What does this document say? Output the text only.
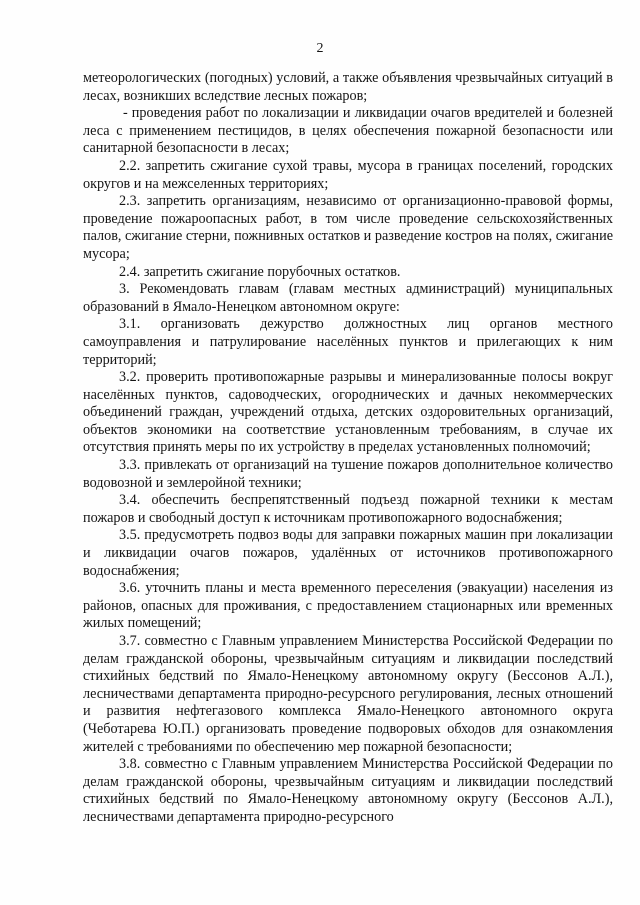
2

метеорологических (погодных) условий, а также объявления чрезвычайных ситуаций в лесах, возникших вследствие лесных пожаров;

- проведения работ по локализации и ликвидации очагов вредителей и болезней леса с применением пестицидов, в целях обеспечения пожарной безопасности или санитарной безопасности в лесах;

2.2. запретить сжигание сухой травы, мусора в границах поселений, городских округов и на межселенных территориях;

2.3. запретить организациям, независимо от организационно-правовой формы, проведение пожароопасных работ, в том числе проведение сельскохозяйственных палов, сжигание стерни, пожнивных остатков и разведение костров на полях, сжигание мусора;

2.4. запретить сжигание порубочных остатков.

3. Рекомендовать главам (главам местных администраций) муниципальных образований в Ямало-Ненецком автономном округе:

3.1. организовать дежурство должностных лиц органов местного самоуправления и патрулирование населённых пунктов и прилегающих к ним территорий;

3.2. проверить противопожарные разрывы и минерализованные полосы вокруг населённых пунктов, садоводческих, огороднических и дачных некоммерческих объединений граждан, учреждений отдыха, детских оздоровительных организаций, объектов экономики на соответствие установленным требованиям, в случае их отсутствия принять меры по их устройству в пределах установленных полномочий;

3.3. привлекать от организаций на тушение пожаров дополнительное количество водовозной и землеройной техники;

3.4. обеспечить беспрепятственный подъезд пожарной техники к местам пожаров и свободный доступ к источникам противопожарного водоснабжения;

3.5. предусмотреть подвоз воды для заправки пожарных машин при локализации и ликвидации очагов пожаров, удалённых от источников противопожарного водоснабжения;

3.6. уточнить планы и места временного переселения (эвакуации) населения из районов, опасных для проживания, с предоставлением стационарных или временных жилых помещений;

3.7. совместно с Главным управлением Министерства Российской Федерации по делам гражданской обороны, чрезвычайным ситуациям и ликвидации последствий стихийных бедствий по Ямало-Ненецкому автономному округу (Бессонов А.Л.), лесничествами департамента природно-ресурсного регулирования, лесных отношений и развития нефтегазового комплекса Ямало-Ненецкого автономного округа (Чеботарева Ю.П.) организовать проведение подворовых обходов для ознакомления жителей с требованиями по обеспечению мер пожарной безопасности;

3.8. совместно с Главным управлением Министерства Российской Федерации по делам гражданской обороны, чрезвычайным ситуациям и ликвидации последствий стихийных бедствий по Ямало-Ненецкому автономному округу (Бессонов А.Л.), лесничествами департамента природно-ресурсного
